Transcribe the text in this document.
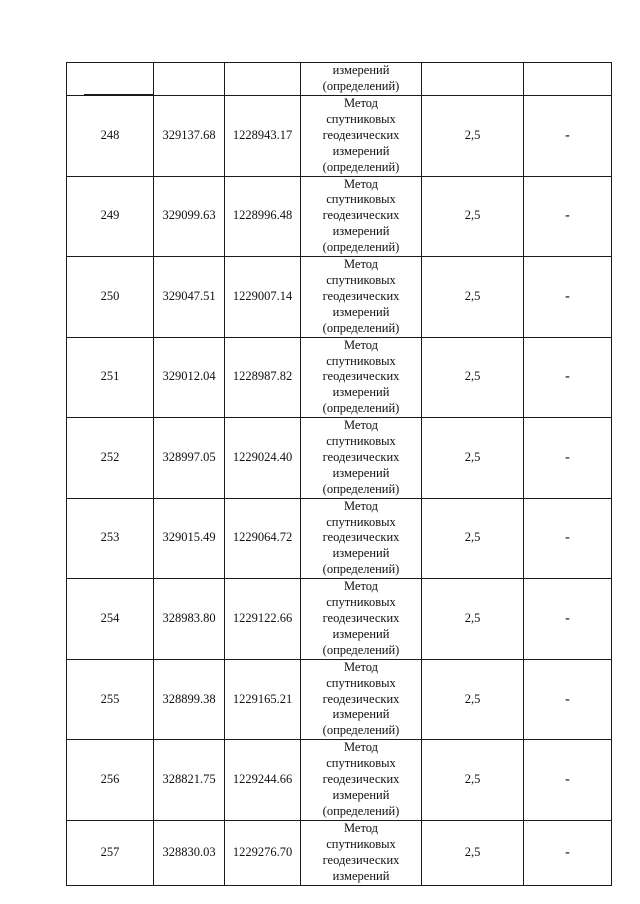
			измерений
(определений)		

248	329137.68	1228943.17	Метод
спутниковых
геодезических
измерений
(определений)	2,5	-
249	329099.63	1228996.48	Метод
спутниковых
геодезических
измерений
(определений)	2,5	-
250	329047.51	1229007.14	Метод
спутниковых
геодезических
измерений
(определений)	2,5	-
251	329012.04	1228987.82	Метод
спутниковых
геодезических
измерений
(определений)	2,5	-
252	328997.05	1229024.40	Метод
спутниковых
геодезических
измерений
(определений)	2,5	-
253	329015.49	1229064.72	Метод
спутниковых
геодезических
измерений
(определений)	2,5	-
254	328983.80	1229122.66	Метод
спутниковых
геодезических
измерений
(определений)	2,5	-
255	328899.38	1229165.21	Метод
спутниковых
геодезических
измерений
(определений)	2,5	-
256	328821.75	1229244.66	Метод
спутниковых
геодезических
измерений
(определений)	2,5	-
257	328830.03	1229276.70	Метод
спутниковых
геодезических
измерений	2,5	-
